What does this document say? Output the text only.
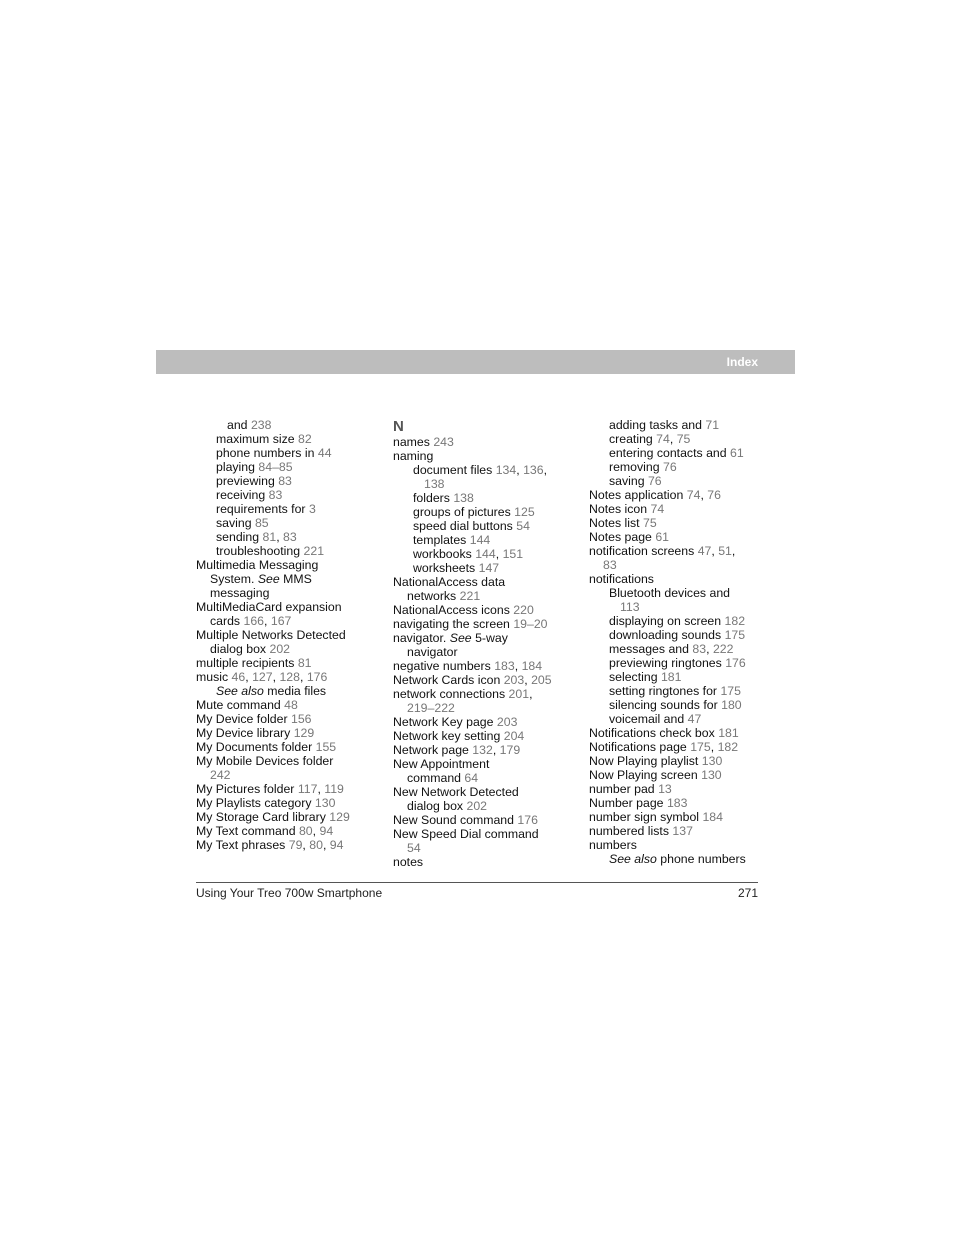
Index
and 238
maximum size 82
phone numbers in 44
playing 84–85
previewing 83
receiving 83
requirements for 3
saving 85
sending 81, 83
troubleshooting 221
Multimedia Messaging
System. See MMS
messaging
MultiMediaCard expansion
cards 166, 167
Multiple Networks Detected
dialog box 202
multiple recipients 81
music 46, 127, 128, 176
See also media files
Mute command 48
My Device folder 156
My Device library 129
My Documents folder 155
My Mobile Devices folder
242
My Pictures folder 117, 119
My Playlists category 130
My Storage Card library 129
My Text command 80, 94
My Text phrases 79, 80, 94
N
names 243
naming
document files 134, 136,
138
folders 138
groups of pictures 125
speed dial buttons 54
templates 144
workbooks 144, 151
worksheets 147
NationalAccess data
networks 221
NationalAccess icons 220
navigating the screen 19–20
navigator. See 5-way
navigator
negative numbers 183, 184
Network Cards icon 203, 205
network connections 201,
219–222
Network Key page 203
Network key setting 204
Network page 132, 179
New Appointment
command 64
New Network Detected
dialog box 202
New Sound command 176
New Speed Dial command
54
notes
adding tasks and 71
creating 74, 75
entering contacts and 61
removing 76
saving 76
Notes application 74, 76
Notes icon 74
Notes list 75
Notes page 61
notification screens 47, 51,
83
notifications
Bluetooth devices and
113
displaying on screen 182
downloading sounds 175
messages and 83, 222
previewing ringtones 176
selecting 181
setting ringtones for 175
silencing sounds for 180
voicemail and 47
Notifications check box 181
Notifications page 175, 182
Now Playing playlist 130
Now Playing screen 130
number pad 13
Number page 183
number sign symbol 184
numbered lists 137
numbers
See also phone numbers
Using Your Treo 700w Smartphone	271
